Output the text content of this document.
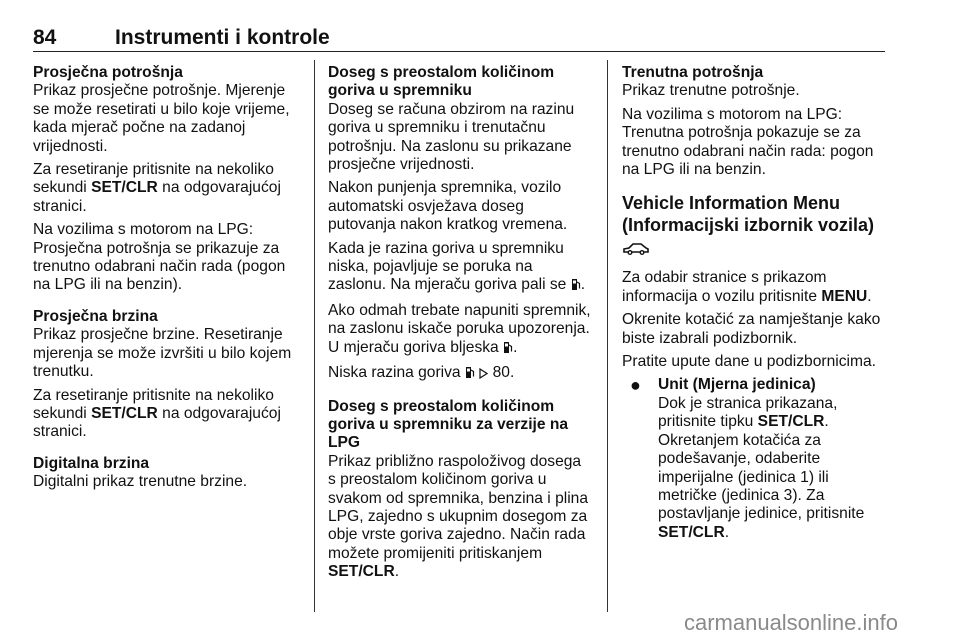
84	Instrumenti i kontrole
Prosječna potrošnja

Prikaz prosječne potrošnje. Mjerenje se može resetirati u bilo koje vrijeme, kada mjerač počne na zadanoj vrijednosti.

Za resetiranje pritisnite na nekoliko sekundi SET/CLR na odgovarajućoj stranici.

Na vozilima s motorom na LPG: Prosječna potrošnja se prikazuje za trenutno odabrani način rada (pogon na LPG ili na benzin).

Prosječna brzina

Prikaz prosječne brzine. Resetiranje mjerenja se može izvršiti u bilo kojem trenutku.

Za resetiranje pritisnite na nekoliko sekundi SET/CLR na odgovarajućoj stranici.

Digitalna brzina

Digitalni prikaz trenutne brzine.

Doseg s preostalom količinom goriva u spremniku

Doseg se računa obzirom na razinu goriva u spremniku i trenutačnu potrošnju. Na zaslonu su prikazane prosječne vrijednosti.

Nakon punjenja spremnika, vozilo automatski osvježava doseg putovanja nakon kratkog vremena.

Kada je razina goriva u spremniku niska, pojavljuje se poruka na zaslonu. Na mjeraču goriva pali se .

Ako odmah trebate napuniti spremnik, na zaslonu iskače poruka upozorenja. U mjeraču goriva bljeska .

Niska razina goriva   80.

Doseg s preostalom količinom goriva u spremniku za verzije na LPG

Prikaz približno raspoloživog dosega s preostalom količinom goriva u svakom od spremnika, benzina i plina LPG, zajedno s ukupnim dosegom za obje vrste goriva zajedno. Način rada možete promijeniti pritiskanjem SET/CLR.

Trenutna potrošnja

Prikaz trenutne potrošnje.

Na vozilima s motorom na LPG: Trenutna potrošnja pokazuje se za trenutno odabrani način rada: pogon na LPG ili na benzin.

Vehicle Information Menu (Informacijski izbornik vozila)

Za odabir stranice s prikazom informacija o vozilu pritisnite MENU.

Okrenite kotačić za namještanje kako biste izabrali podizbornik.

Pratite upute dane u podizbornicima.

●	Unit (Mjerna jedinica)
Dok je stranica prikazana, pritisnite tipku SET/CLR.
Okretanjem kotačića za podešavanje, odaberite imperijalne (jedinica 1) ili metričke (jedinica 3). Za postavljanje jedinice, pritisnite SET/CLR.
carmanualsonline.info
